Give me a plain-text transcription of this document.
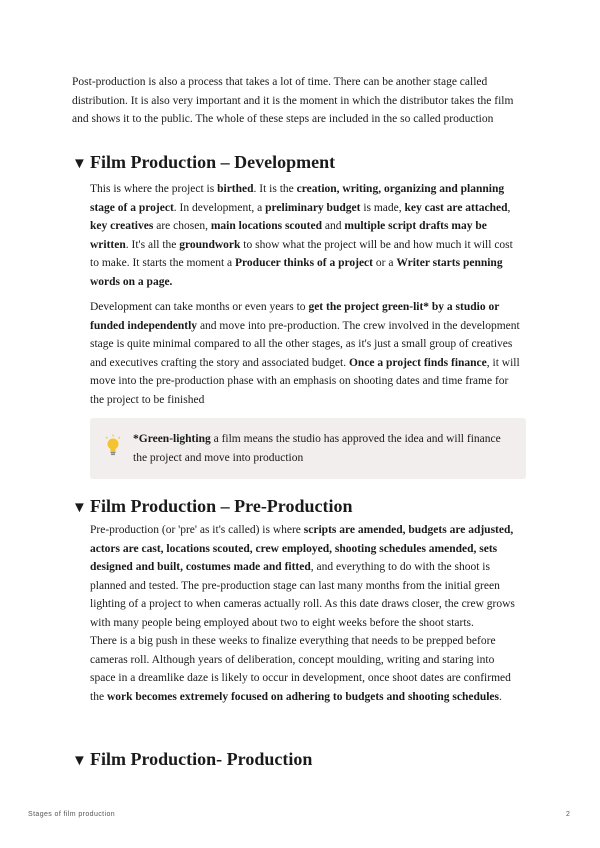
Post-production is also a process that takes a lot of time. There can be another stage called distribution. It is also very important and it is the moment in which the distributor takes the film and shows it to the public. The whole of these steps are included in the so called production
▼ Film Production – Development

This is where the project is birthed. It is the creation, writing, organizing and planning stage of a project. In development, a preliminary budget is made, key cast are attached, key creatives are chosen, main locations scouted and multiple script drafts may be written. It's all the groundwork to show what the project will be and how much it will cost to make. It starts the moment a Producer thinks of a project or a Writer starts penning words on a page.

Development can take months or even years to get the project green-lit* by a studio or funded independently and move into pre-production. The crew involved in the development stage is quite minimal compared to all the other stages, as it's just a small group of creatives and executives crafting the story and associated budget. Once a project finds finance, it will move into the pre-production phase with an emphasis on shooting dates and time frame for the project to be finished

*Green-lighting a film means the studio has approved the idea and will finance the project and move into production
▼ Film Production – Pre-Production

Pre-production (or 'pre' as it's called) is where scripts are amended, budgets are adjusted, actors are cast, locations scouted, crew employed, shooting schedules amended, sets designed and built, costumes made and fitted, and everything to do with the shoot is planned and tested. The pre-production stage can last many months from the initial green lighting of a project to when cameras actually roll. As this date draws closer, the crew grows with many people being employed about two to eight weeks before the shoot starts.

There is a big push in these weeks to finalize everything that needs to be prepped before cameras roll. Although years of deliberation, concept moulding, writing and staring into space in a dreamlike daze is likely to occur in development, once shoot dates are confirmed the work becomes extremely focused on adhering to budgets and shooting schedules.

▼ Film Production- Production
Stages of film production	2
